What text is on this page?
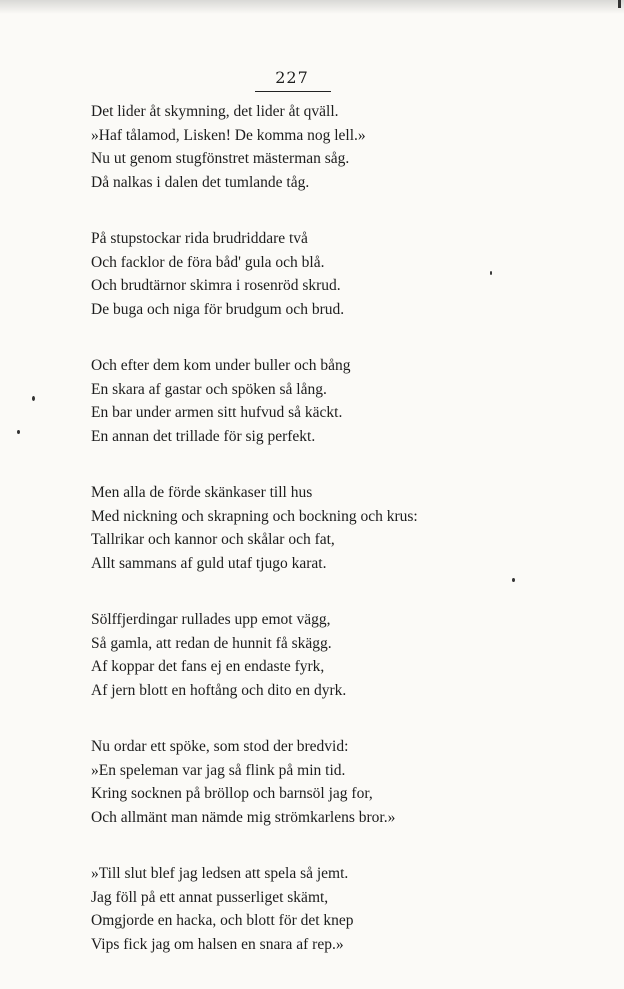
227
Det lider åt skymning, det lider åt qväll.
»Haf tålamod, Lisken! De komma nog lell.»
Nu ut genom stugfönstret mästerman såg.
Då nalkas i dalen det tumlande tåg.
På stupstockar rida brudriddare två
Och facklor de föra båd' gula och blå.
Och brudtärnor skimra i rosenröd skrud.
De buga och niga för brudgum och brud.
Och efter dem kom under buller och bång
En skara af gastar och spöken så lång.
En bar under armen sitt hufvud så käckt.
En annan det trillade för sig perfekt.
Men alla de förde skänkaser till hus
Med nickning och skrapning och bockning och krus:
Tallrikar och kannor och skålar och fat,
Allt sammans af guld utaf tjugo karat.
Sölffjerdingar rullades upp emot vägg,
Så gamla, att redan de hunnit få skägg.
Af koppar det fans ej en endaste fyrk,
Af jern blott en hoftång och dito en dyrk.
Nu ordar ett spöke, som stod der bredvid:
»En speleman var jag så flink på min tid.
Kring socknen på bröllop och barnsöl jag for,
Och allmänt man nämde mig strömkarlens bror.»
»Till slut blef jag ledsen att spela så jemt.
Jag föll på ett annat pusserliget skämt,
Omgjorde en hacka, och blott för det knep
Vips fick jag om halsen en snara af rep.»
